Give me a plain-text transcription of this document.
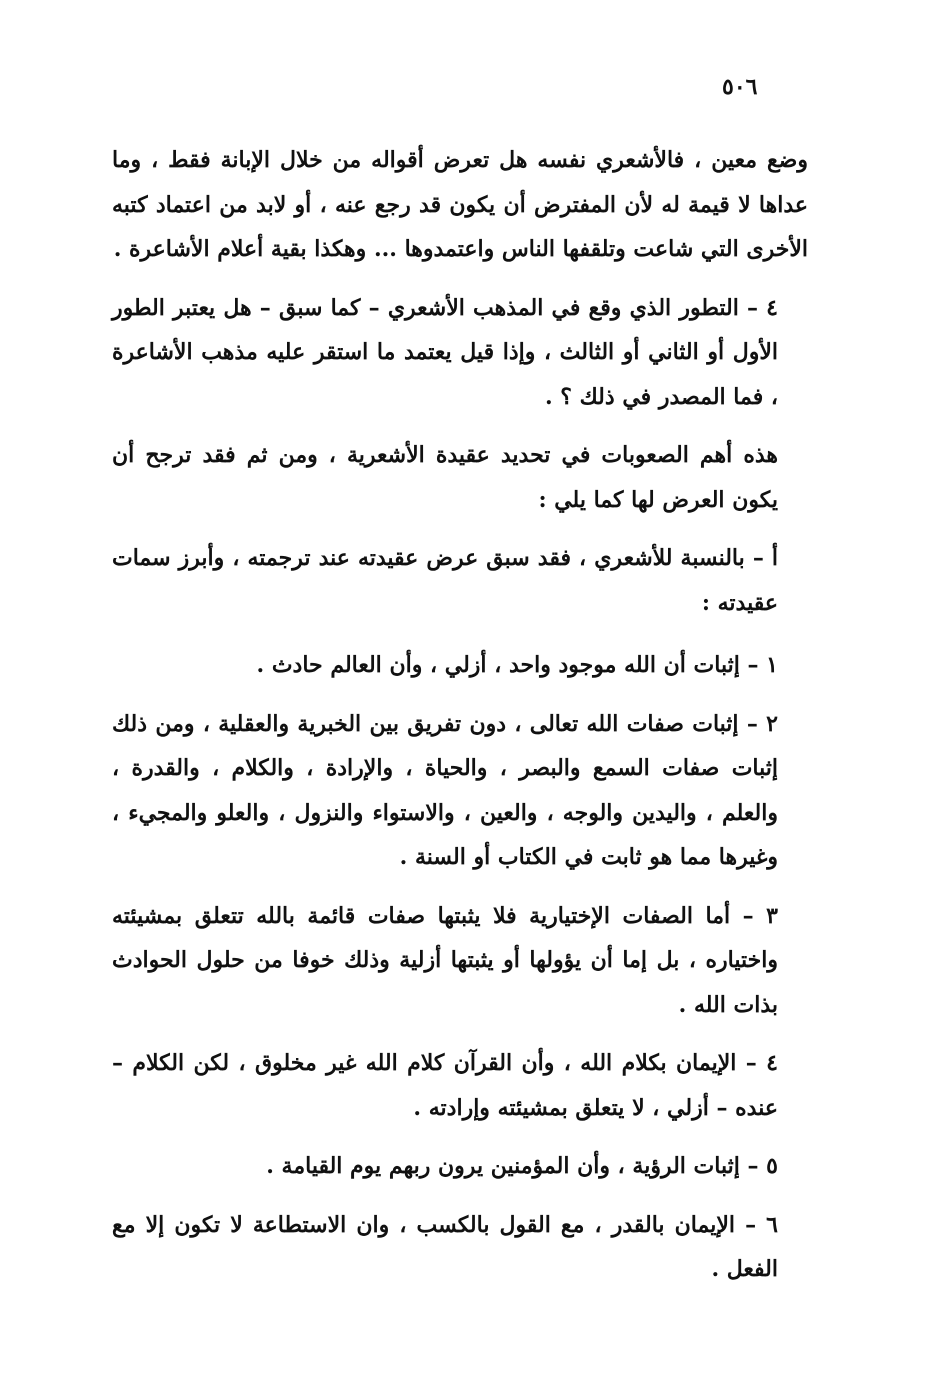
٥٠٦

وضع معين ، فالأشعري نفسه هل تعرض أقواله من خلال الإبانة فقط ، وما عداها لا قيمة له لأن المفترض أن يكون قد رجع عنه ، أو لابد من اعتماد كتبه الأخرى التي شاعت وتلقفها الناس واعتمدوها ... وهكذا بقية أعلام الأشاعرة .

٤ – التطور الذي وقع في المذهب الأشعري – كما سبق – هل يعتبر الطور الأول أو الثاني أو الثالث ، وإذا قيل يعتمد ما استقر عليه مذهب الأشاعرة ، فما المصدر في ذلك ؟ .

هذه أهم الصعوبات في تحديد عقيدة الأشعرية ، ومن ثم فقد ترجح أن يكون العرض لها كما يلي :

أ – بالنسبة للأشعري ، فقد سبق عرض عقيدته عند ترجمته ، وأبرز سمات عقيدته :

١ – إثبات أن الله موجود واحد ، أزلي ، وأن العالم حادث .

٢ – إثبات صفات الله تعالى ، دون تفريق بين الخبرية والعقلية ، ومن ذلك إثبات صفات السمع والبصر ، والحياة ، والإرادة ، والكلام ، والقدرة ، والعلم ، واليدين والوجه ، والعين ، والاستواء والنزول ، والعلو والمجيء ، وغيرها مما هو ثابت في الكتاب أو السنة .

٣ – أما الصفات الإختيارية فلا يثبتها صفات قائمة بالله تتعلق بمشيئته واختياره ، بل إما أن يؤولها أو يثبتها أزلية وذلك خوفا من حلول الحوادث بذات الله .

٤ – الإيمان بكلام الله ، وأن القرآن كلام الله غير مخلوق ، لكن الكلام – عنده – أزلي ، لا يتعلق بمشيئته وإرادته .

٥ – إثبات الرؤية ، وأن المؤمنين يرون ربهم يوم القيامة .

٦ – الإيمان بالقدر ، مع القول بالكسب ، وان الاستطاعة لا تكون إلا مع الفعل .
